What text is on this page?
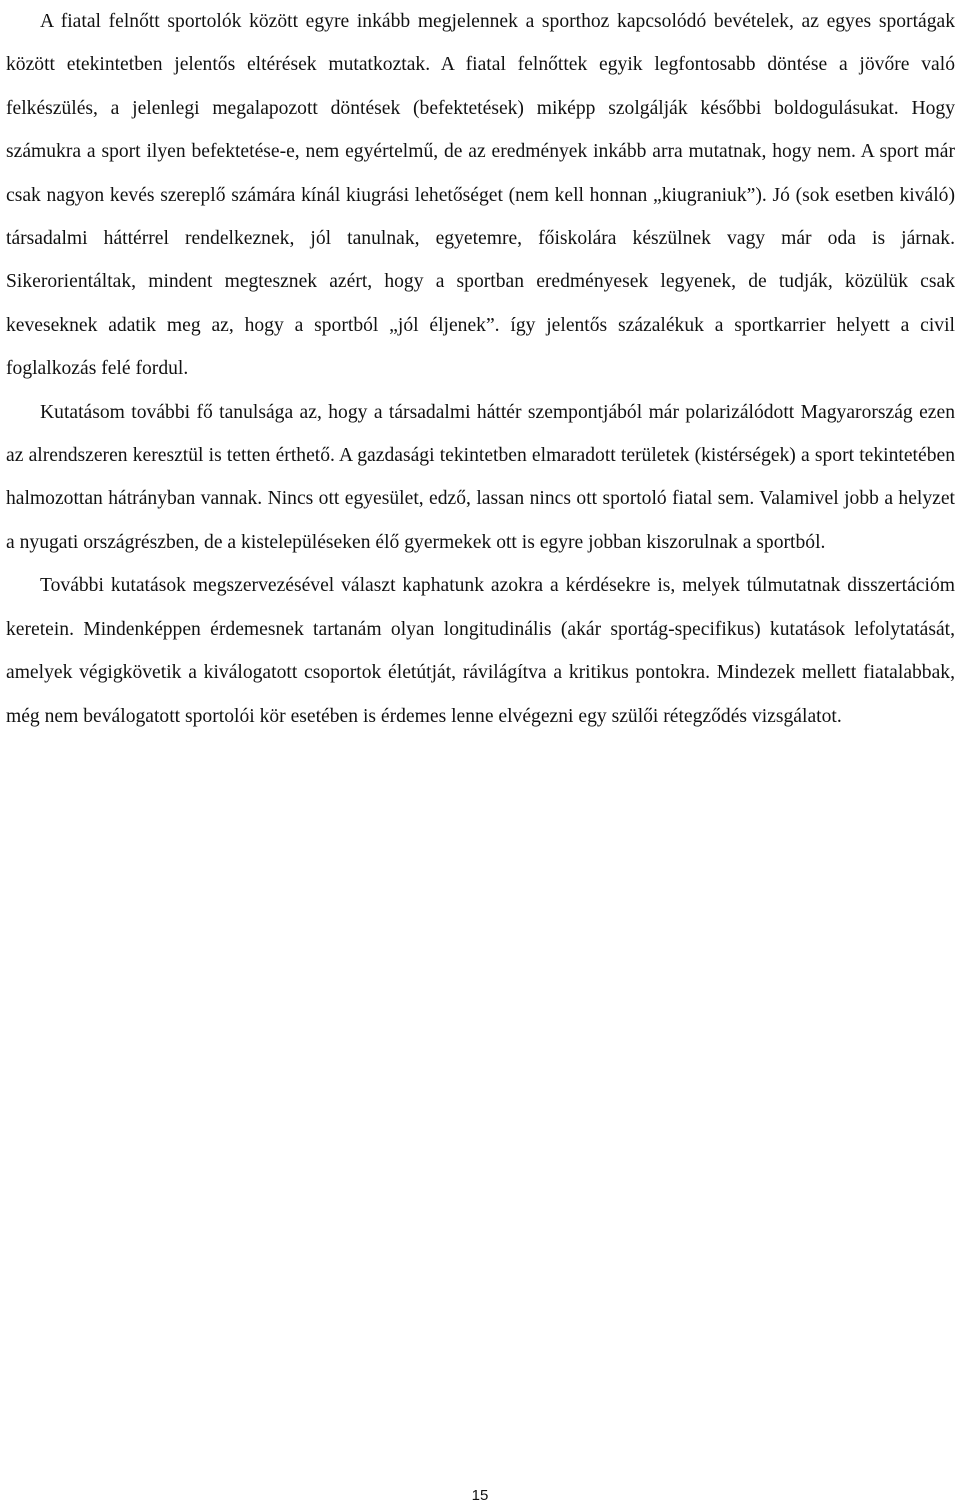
A fiatal felnőtt sportolók között egyre inkább megjelennek a sporthoz kapcsolódó bevételek, az egyes sportágak között etekintetben jelentős eltérések mutatkoztak. A fiatal felnőttek egyik legfontosabb döntése a jövőre való felkészülés, a jelenlegi megalapozott döntések (befektetések) miképp szolgálják későbbi boldogulásukat. Hogy számukra a sport ilyen befektetése-e, nem egyértelmű, de az eredmények inkább arra mutatnak, hogy nem. A sport már csak nagyon kevés szereplő számára kínál kiugrási lehetőséget (nem kell honnan „kiugraniuk”). Jó (sok esetben kiváló) társadalmi háttérrel rendelkeznek, jól tanulnak, egyetemre, főiskolára készülnek vagy már oda is járnak. Sikerorientáltak, mindent megtesznek azért, hogy a sportban eredményesek legyenek, de tudják, közülük csak keveseknek adatik meg az, hogy a sportból „jól éljenek”. így jelentős százalékuk a sportkarrier helyett a civil foglalkozás felé fordul.

Kutatásom további fő tanulsága az, hogy a társadalmi háttér szempontjából már polarizálódott Magyarország ezen az alrendszeren keresztül is tetten érthető. A gazdasági tekintetben elmaradott területek (kistérségek) a sport tekintetében halmozottan hátrányban vannak. Nincs ott egyesület, edző, lassan nincs ott sportoló fiatal sem. Valamivel jobb a helyzet a nyugati országrészben, de a kistelepüléseken élő gyermekek ott is egyre jobban kiszorulnak a sportból.

További kutatások megszervezésével választ kaphatunk azokra a kérdésekre is, melyek túlmutatnak disszertációm keretein. Mindenképpen érdemesnek tartanám olyan longitudinális (akár sportág-specifikus) kutatások lefolytatását, amelyek végigkövetik a kiválogatott csoportok életútját, rávilágítva a kritikus pontokra. Mindezek mellett fiatalabbak, még nem beválogatott sportolói kör esetében is érdemes lenne elvégezni egy szülői rétegződés vizsgálatot.

15
